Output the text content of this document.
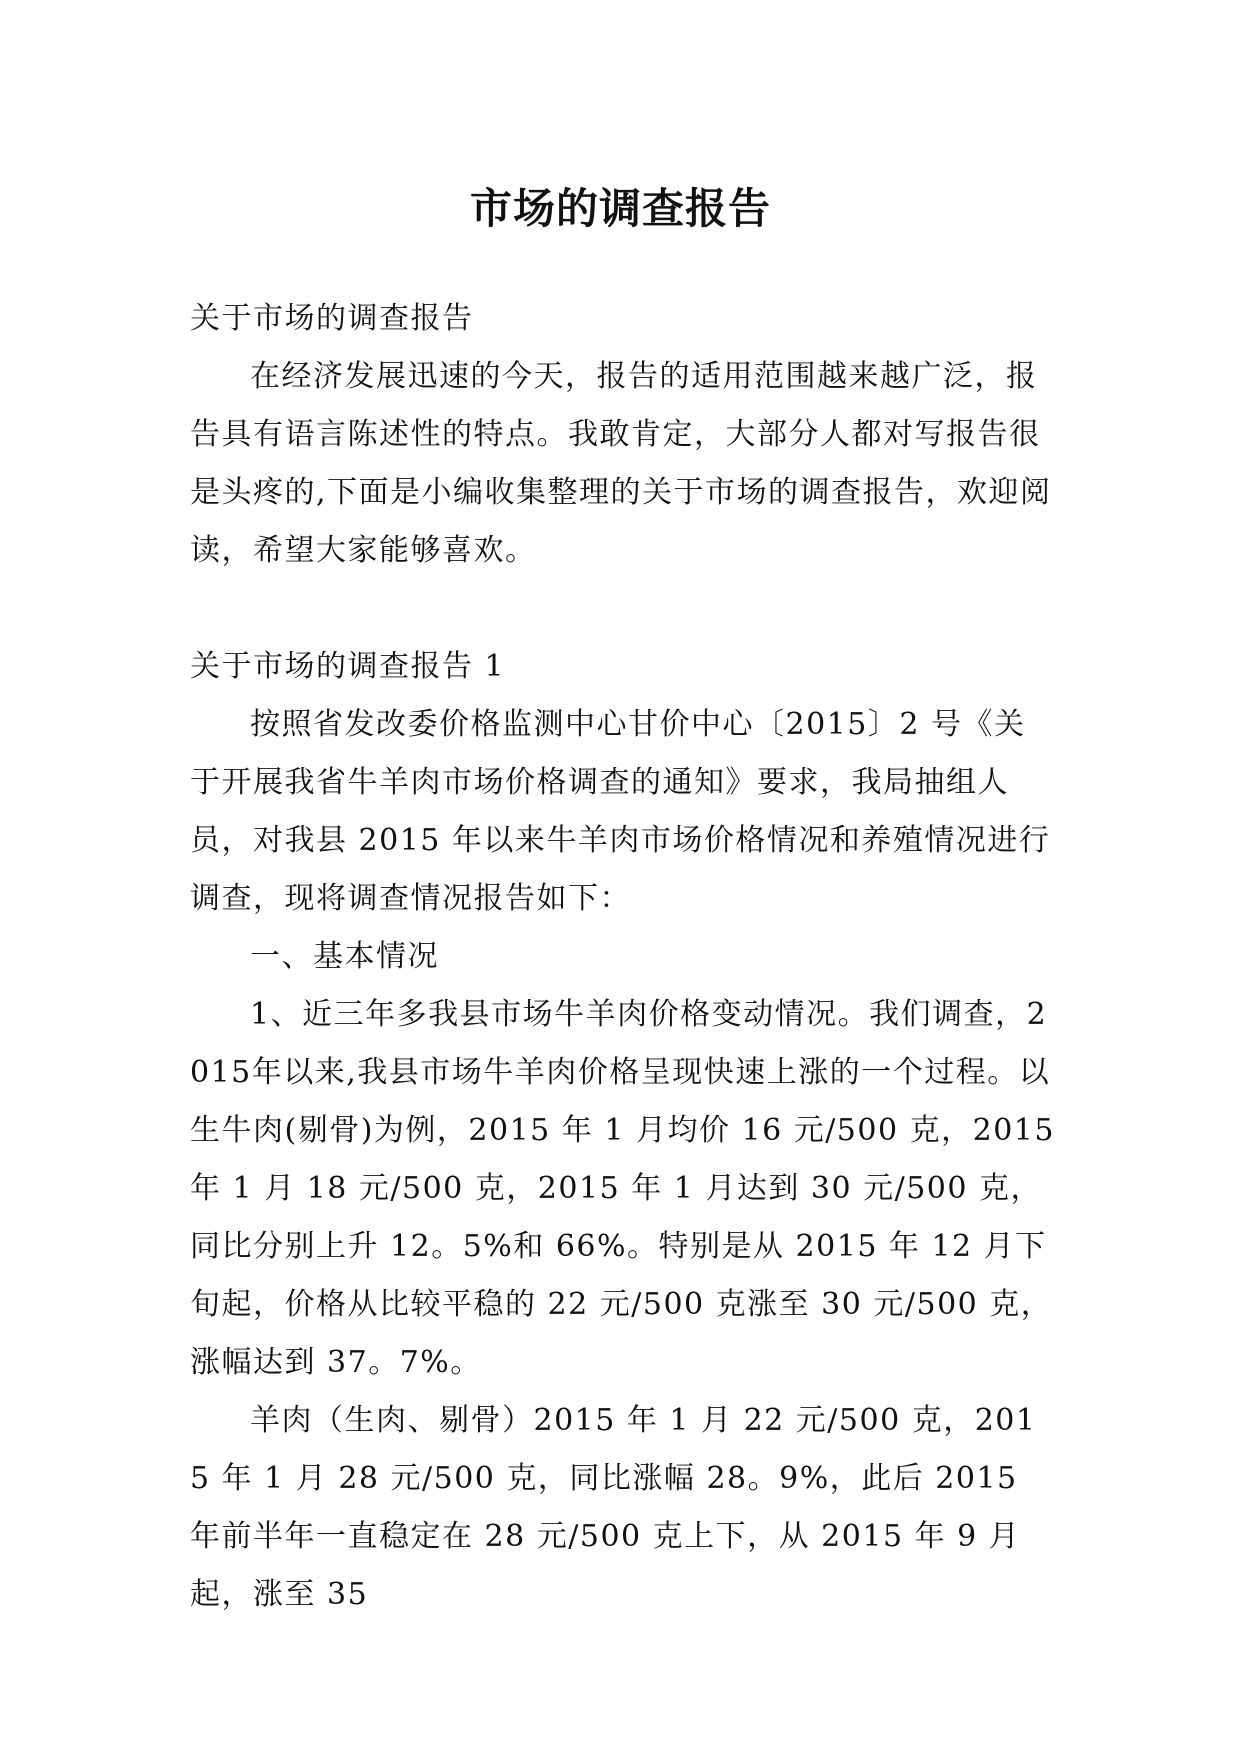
市场的调查报告

关于市场的调查报告

在经济发展迅速的今天，报告的适用范围越来越广泛，报告具有语言陈述性的特点。我敢肯定，大部分人都对写报告很是头疼的,下面是小编收集整理的关于市场的调查报告，欢迎阅读，希望大家能够喜欢。

关于市场的调查报告 1

按照省发改委价格监测中心甘价中心〔2015〕2 号《关于开展我省牛羊肉市场价格调查的通知》要求，我局抽组人员，对我县 2015 年以来牛羊肉市场价格情况和养殖情况进行调查，现将调查情况报告如下：

一、基本情况

1、近三年多我县市场牛羊肉价格变动情况。我们调查，2015年以来,我县市场牛羊肉价格呈现快速上涨的一个过程。以生牛肉(剔骨)为例，2015 年 1 月均价 16 元/500 克，2015 年 1 月 18 元/500 克，2015 年 1 月达到 30 元/500 克，同比分别上升 12。5%和 66%。特别是从 2015 年 12 月下旬起，价格从比较平稳的 22 元/500 克涨至 30 元/500 克，涨幅达到 37。7%。

羊肉（生肉、剔骨）2015 年 1 月 22 元/500 克，2015 年 1 月 28 元/500 克，同比涨幅 28。9%，此后 2015 年前半年一直稳定在 28 元/500 克上下，从 2015 年 9 月起，涨至 35
